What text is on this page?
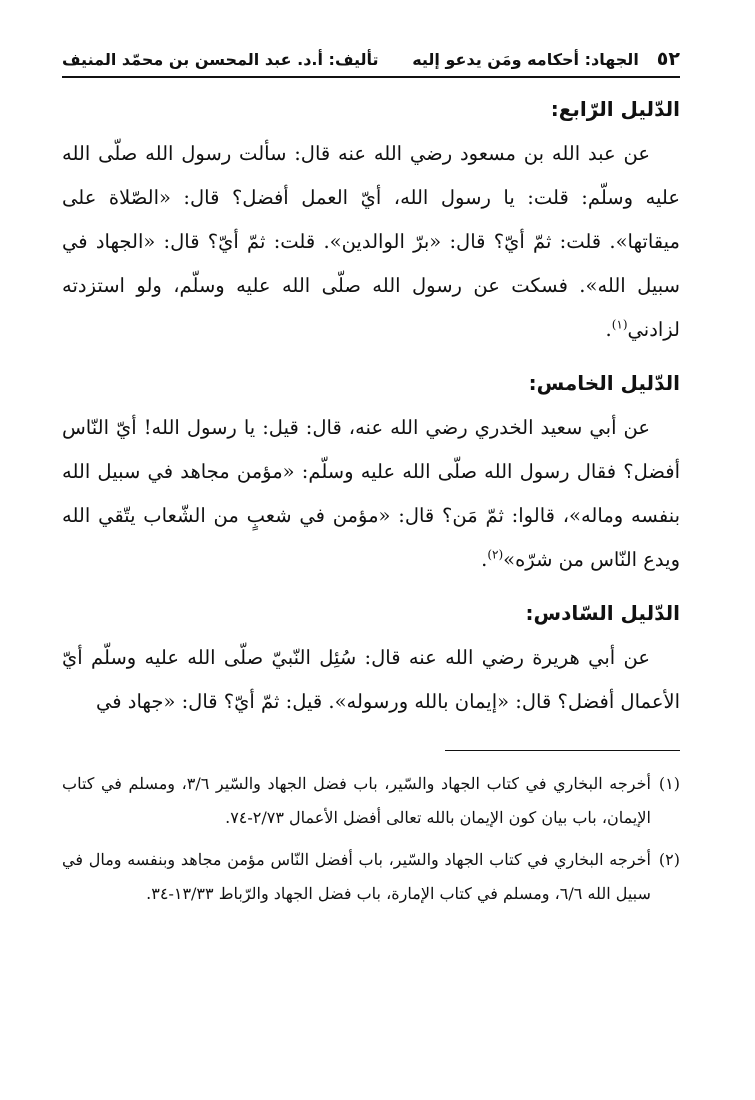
٥٢
الجهاد: أحكامه ومَن يدعو إليه
تأليف: أ.د. عبد المحسن بن محمّد المنيف
الدّليل الرّابع:

عن عبد الله بن مسعود رضي الله عنه قال: سألت رسول الله صلّى الله عليه وسلّم: قلت: يا رسول الله، أيّ العمل أفضل؟ قال: «الصّلاة على ميقاتها». قلت: ثمّ أيّ؟ قال: «برّ الوالدين». قلت: ثمّ أيّ؟ قال: «الجهاد في سبيل الله». فسكت عن رسول الله صلّى الله عليه وسلّم، ولو استزدته لزادني$^{(١)}$.

الدّليل الخامس:

عن أبي سعيد الخدري رضي الله عنه، قال: قيل: يا رسول الله! أيّ النّاس أفضل؟ فقال رسول الله صلّى الله عليه وسلّم: «مؤمن مجاهد في سبيل الله بنفسه وماله»، قالوا: ثمّ مَن؟ قال: «مؤمن في شعبٍ من الشّعاب يتّقي الله ويدع النّاس من شرّه»$^{(٢)}$.

الدّليل السّادس:

عن أبي هريرة رضي الله عنه قال: سُئِل النّبيّ صلّى الله عليه وسلّم أيّ الأعمال أفضل؟ قال: «إيمان بالله ورسوله». قيل: ثمّ أيّ؟ قال: «جهاد في

(١)
أخرجه البخاري في كتاب الجهاد والسّير، باب فضل الجهاد والسّير ٣/٦، ومسلم في كتاب الإيمان، باب بيان كون الإيمان بالله تعالى أفضل الأعمال ٢/٧٣-٧٤.
(٢)
أخرجه البخاري في كتاب الجهاد والسّير، باب أفضل النّاس مؤمن مجاهد وبنفسه ومال في سبيل الله ٦/٦، ومسلم في كتاب الإمارة، باب فضل الجهاد والرّباط ١٣/٣٣-٣٤.
